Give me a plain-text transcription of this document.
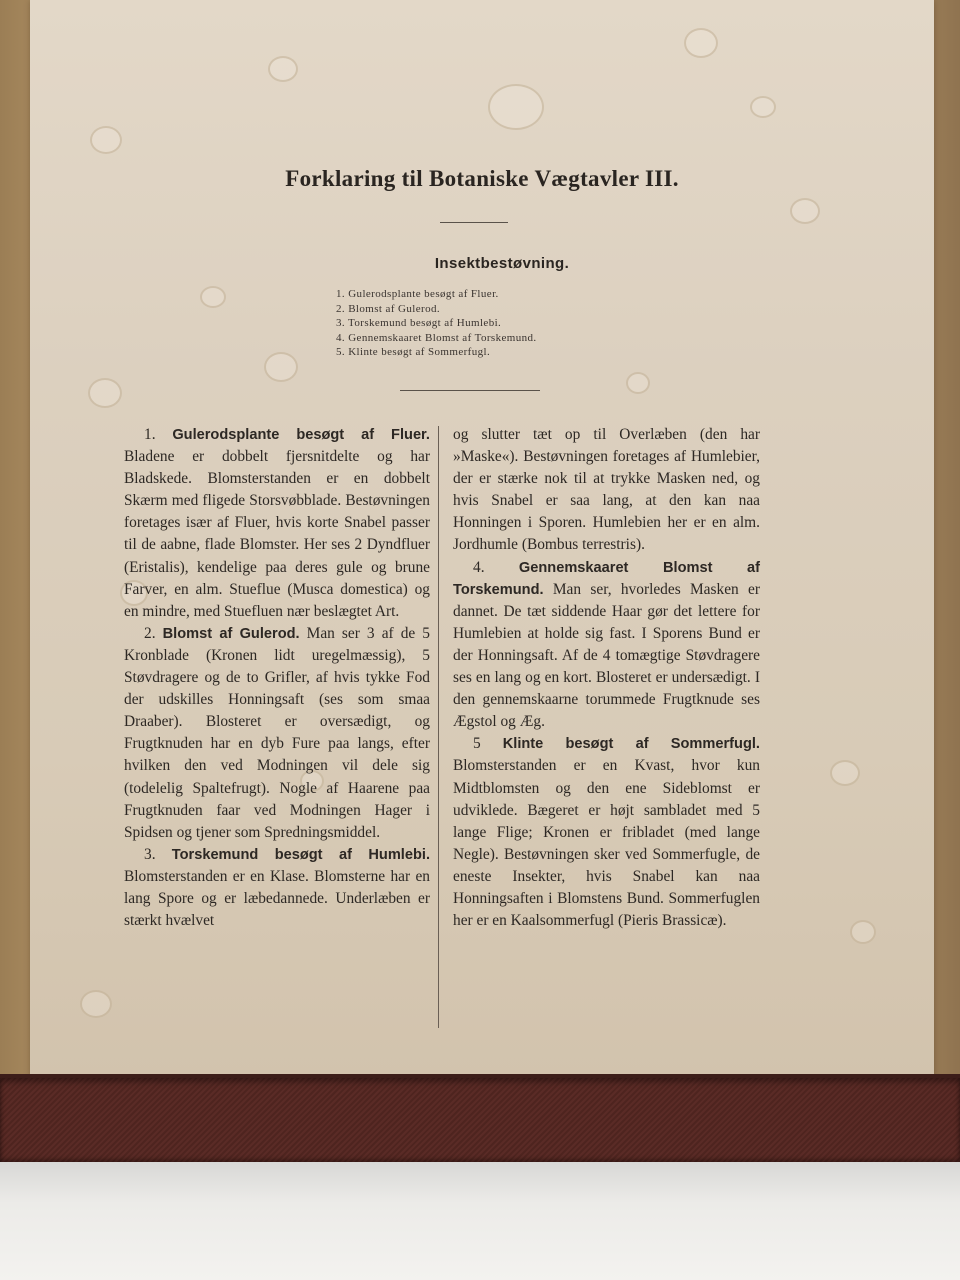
Forklaring til Botaniske Vægtavler III.
Insektbestøvning.
1. Gulerodsplante besøgt af Fluer.
2. Blomst af Gulerod.
3. Torskemund besøgt af Humlebi.
4. Gennemskaaret Blomst af Torskemund.
5. Klinte besøgt af Sommerfugl.

1. Gulerodsplante besøgt af Fluer. Bladene er dobbelt fjersnitdelte og har Bladskede. Blomsterstanden er en dobbelt Skærm med fligede Storsvøbblade. Bestøvningen foretages især af Fluer, hvis korte Snabel passer til de aabne, flade Blomster. Her ses 2 Dyndfluer (Eristalis), kendelige paa deres gule og brune Farver, en alm. Stueflue (Musca domestica) og en mindre, med Stuefluen nær beslægtet Art.

2. Blomst af Gulerod. Man ser 3 af de 5 Kronblade (Kronen lidt uregelmæssig), 5 Støvdragere og de to Grifler, af hvis tykke Fod der udskilles Honningsaft (ses som smaa Draaber). Blosteret er oversædigt, og Frugtknuden har en dyb Fure paa langs, efter hvilken den ved Modningen vil dele sig (todelelig Spaltefrugt). Nogle af Haarene paa Frugtknuden faar ved Modningen Hager i Spidsen og tjener som Spredningsmiddel.

3. Torskemund besøgt af Humlebi. Blomsterstanden er en Klase. Blomsterne har en lang Spore og er læbedannede. Underlæben er stærkt hvælvet

og slutter tæt op til Overlæben (den har »Maske«). Bestøvningen foretages af Humlebier, der er stærke nok til at trykke Masken ned, og hvis Snabel er saa lang, at den kan naa Honningen i Sporen. Humlebien her er en alm. Jordhumle (Bombus terrestris).

4. Gennemskaaret Blomst af Torskemund. Man ser, hvorledes Masken er dannet. De tæt siddende Haar gør det lettere for Humlebien at holde sig fast. I Sporens Bund er der Honningsaft. Af de 4 tomægtige Støvdragere ses en lang og en kort. Blosteret er undersædigt. I den gennemskaarne torummede Frugtknude ses Ægstol og Æg.

5 Klinte besøgt af Sommerfugl. Blomsterstanden er en Kvast, hvor kun Midtblomsten og den ene Sideblomst er udviklede. Bægeret er højt sambladet med 5 lange Flige; Kronen er fribladet (med lange Negle). Bestøvningen sker ved Sommerfugle, de eneste Insekter, hvis Snabel kan naa Honningsaften i Blomstens Bund. Sommerfuglen her er en Kaalsommerfugl (Pieris Brassicæ).
